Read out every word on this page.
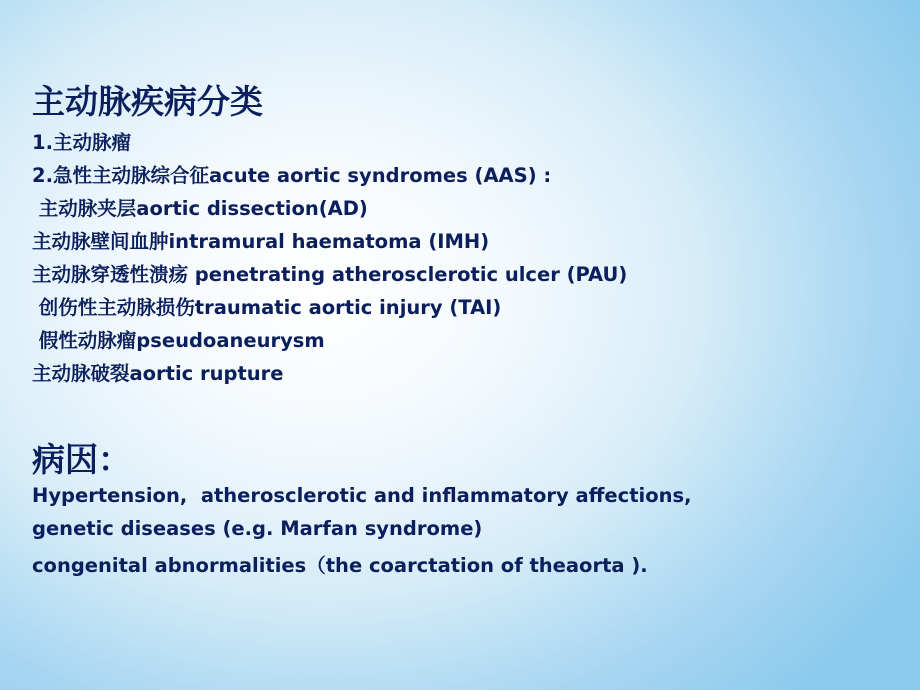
主动脉疾病分类

1.主动脉瘤

2.急性主动脉综合征acute aortic syndromes (AAS) :

主动脉夹层aortic dissection(AD)

主动脉壁间血肿intramural haematoma (IMH)

主动脉穿透性溃疡 penetrating atherosclerotic ulcer (PAU)

创伤性主动脉损伤traumatic aortic injury (TAI)

假性动脉瘤pseudoaneurysm

主动脉破裂aortic rupture

病因：

Hypertension,  atherosclerotic and inflammatory affections,

genetic diseases (e.g. Marfan syndrome)

congenital abnormalities（the coarctation of theaorta ).
